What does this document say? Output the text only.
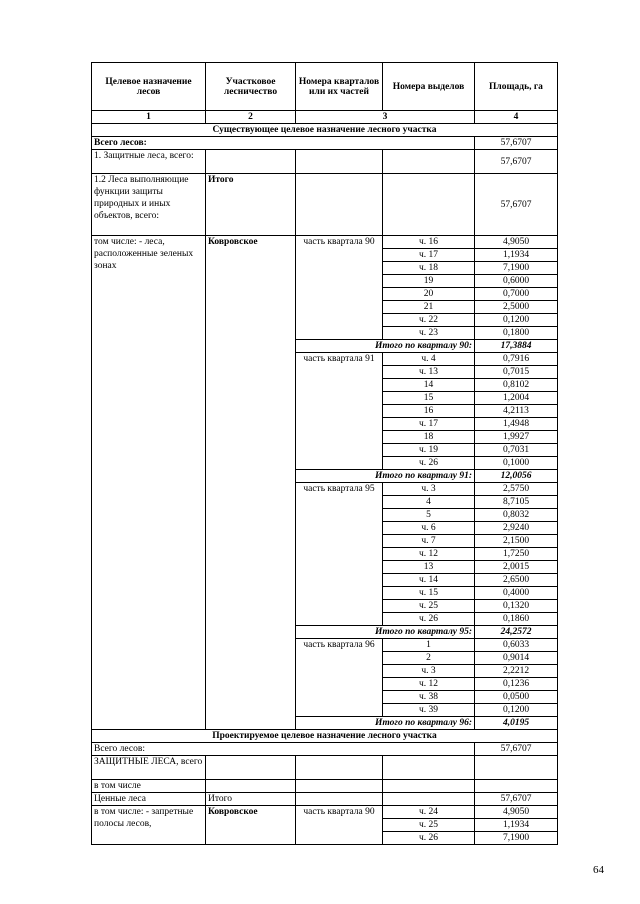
Целевое назначение лесов	Участковое лесничество	Номера кварталов или их частей	Номера выделов	Площадь, га
1	2	3		4
Существующее целевое назначение лесного участка				
Всего лесов:				57,6707
1. Защитные леса, всего:				57,6707
1.2 Леса выполняющие функции защиты природных и иных объектов, всего:	Итого			57,6707
том числе: - леса, расположенные зеленых зонах	Ковровское	часть квартала 90	ч. 16	4,9050
			ч. 17	1,1934
			ч. 18	7,1900
			19	0,6000
			20	0,7000
			21	2,5000
			ч. 22	0,1200
			ч. 23	0,1800
		Итого по кварталу 90:		17,3884
		часть квартала 91	ч. 4	0,7916
			ч. 13	0,7015
			14	0,8102
			15	1,2004
			16	4,2113
			ч. 17	1,4948
			18	1,9927
			ч. 19	0,7031
			ч. 26	0,1000
		Итого по кварталу 91:		12,0056
		часть квартала 95	ч. 3	2,5750
			4	8,7105
			5	0,8032
			ч. 6	2,9240
			ч. 7	2,1500
			ч. 12	1,7250
			13	2,0015
			ч. 14	2,6500
			ч. 15	0,4000
			ч. 25	0,1320
			ч. 26	0,1860
		Итого по кварталу 95:		24,2572
		часть квартала 96	1	0,6033
			2	0,9014
			ч. 3	2,2212
			ч. 12	0,1236
			ч. 38	0,0500
			ч. 39	0,1200
		Итого по кварталу 96:		4,0195
Проектируемое целевое назначение лесного участка				
Всего лесов:				57,6707
ЗАЩИТНЫЕ ЛЕСА, всего				
в том числе				
Ценные леса	Итого			57,6707
в том числе: - запретные полосы лесов,	Ковровское	часть квартала 90	ч. 24	4,9050
			ч. 25	1,1934
			ч. 26	7,1900
64
